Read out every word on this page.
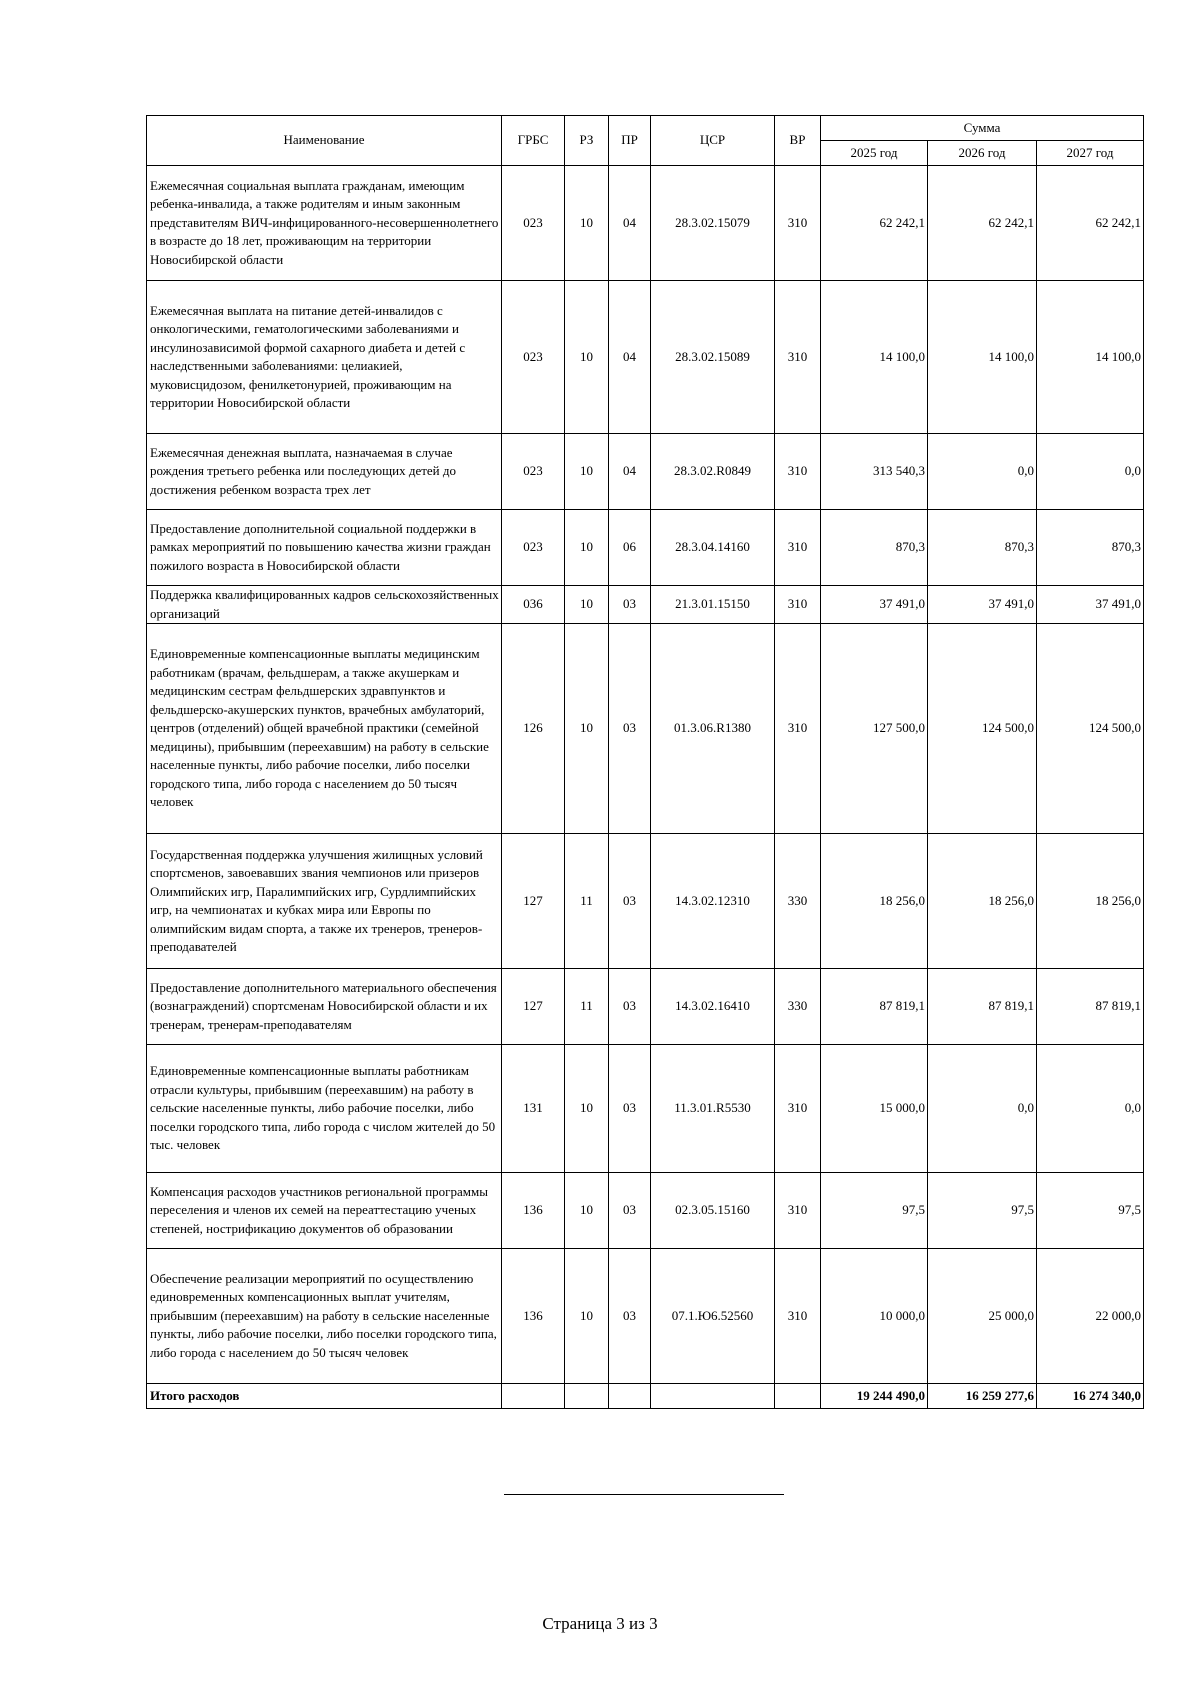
Наименование	ГРБС	РЗ	ПР	ЦСР	ВР	Сумма		
						2025 год	2026 год	2027 год
Ежемесячная социальная выплата гражданам, имеющим ребенка-инвалида, а также родителям и иным законным представителям ВИЧ-инфицированного-несовершеннолетнего в возрасте до 18 лет, проживающим на территории Новосибирской области	023	10	04	28.3.02.15079	310	62 242,1	62 242,1	62 242,1
Ежемесячная выплата на питание детей-инвалидов с онкологическими, гематологическими заболеваниями и инсулинозависимой формой сахарного диабета и детей с наследственными заболеваниями: целиакией, муковисцидозом, фенилкетонурией, проживающим на территории Новосибирской области	023	10	04	28.3.02.15089	310	14 100,0	14 100,0	14 100,0
Ежемесячная денежная выплата, назначаемая в случае рождения третьего ребенка или последующих детей до достижения ребенком возраста трех лет	023	10	04	28.3.02.R0849	310	313 540,3	0,0	0,0
Предоставление дополнительной социальной поддержки в рамках мероприятий по повышению качества жизни граждан пожилого возраста в Новосибирской области	023	10	06	28.3.04.14160	310	870,3	870,3	870,3
Поддержка квалифицированных кадров сельскохозяйственных организаций	036	10	03	21.3.01.15150	310	37 491,0	37 491,0	37 491,0
Единовременные компенсационные выплаты медицинским работникам (врачам, фельдшерам, а также акушеркам и медицинским сестрам фельдшерских здравпунктов и фельдшерско-акушерских пунктов, врачебных амбулаторий, центров (отделений) общей врачебной практики (семейной медицины), прибывшим (переехавшим) на работу в сельские населенные пункты, либо рабочие поселки, либо поселки городского типа, либо города с населением до 50 тысяч человек	126	10	03	01.3.06.R1380	310	127 500,0	124 500,0	124 500,0
Государственная поддержка улучшения жилищных условий спортсменов, завоевавших звания чемпионов или призеров Олимпийских игр, Паралимпийских игр, Сурдлимпийских игр, на чемпионатах и кубках мира или Европы по олимпийским видам спорта, а также их тренеров, тренеров-преподавателей	127	11	03	14.3.02.12310	330	18 256,0	18 256,0	18 256,0
Предоставление дополнительного материального обеспечения (вознаграждений) спортсменам Новосибирской области и их тренерам, тренерам-преподавателям	127	11	03	14.3.02.16410	330	87 819,1	87 819,1	87 819,1
Единовременные компенсационные выплаты работникам отрасли культуры, прибывшим (переехавшим) на работу в сельские населенные пункты, либо рабочие поселки, либо поселки городского типа, либо города с числом жителей до 50 тыс. человек	131	10	03	11.3.01.R5530	310	15 000,0	0,0	0,0
Компенсация расходов участников региональной программы переселения и членов их семей на переаттестацию ученых степеней, нострификацию документов об образовании	136	10	03	02.3.05.15160	310	97,5	97,5	97,5
Обеспечение реализации мероприятий по осуществлению единовременных компенсационных выплат учителям, прибывшим (переехавшим) на работу в сельские населенные пункты, либо рабочие поселки, либо поселки городского типа, либо города с населением до 50 тысяч человек	136	10	03	07.1.Ю6.52560	310	10 000,0	25 000,0	22 000,0
Итого расходов						19 244 490,0	16 259 277,6	16 274 340,0
Страница 3 из 3
